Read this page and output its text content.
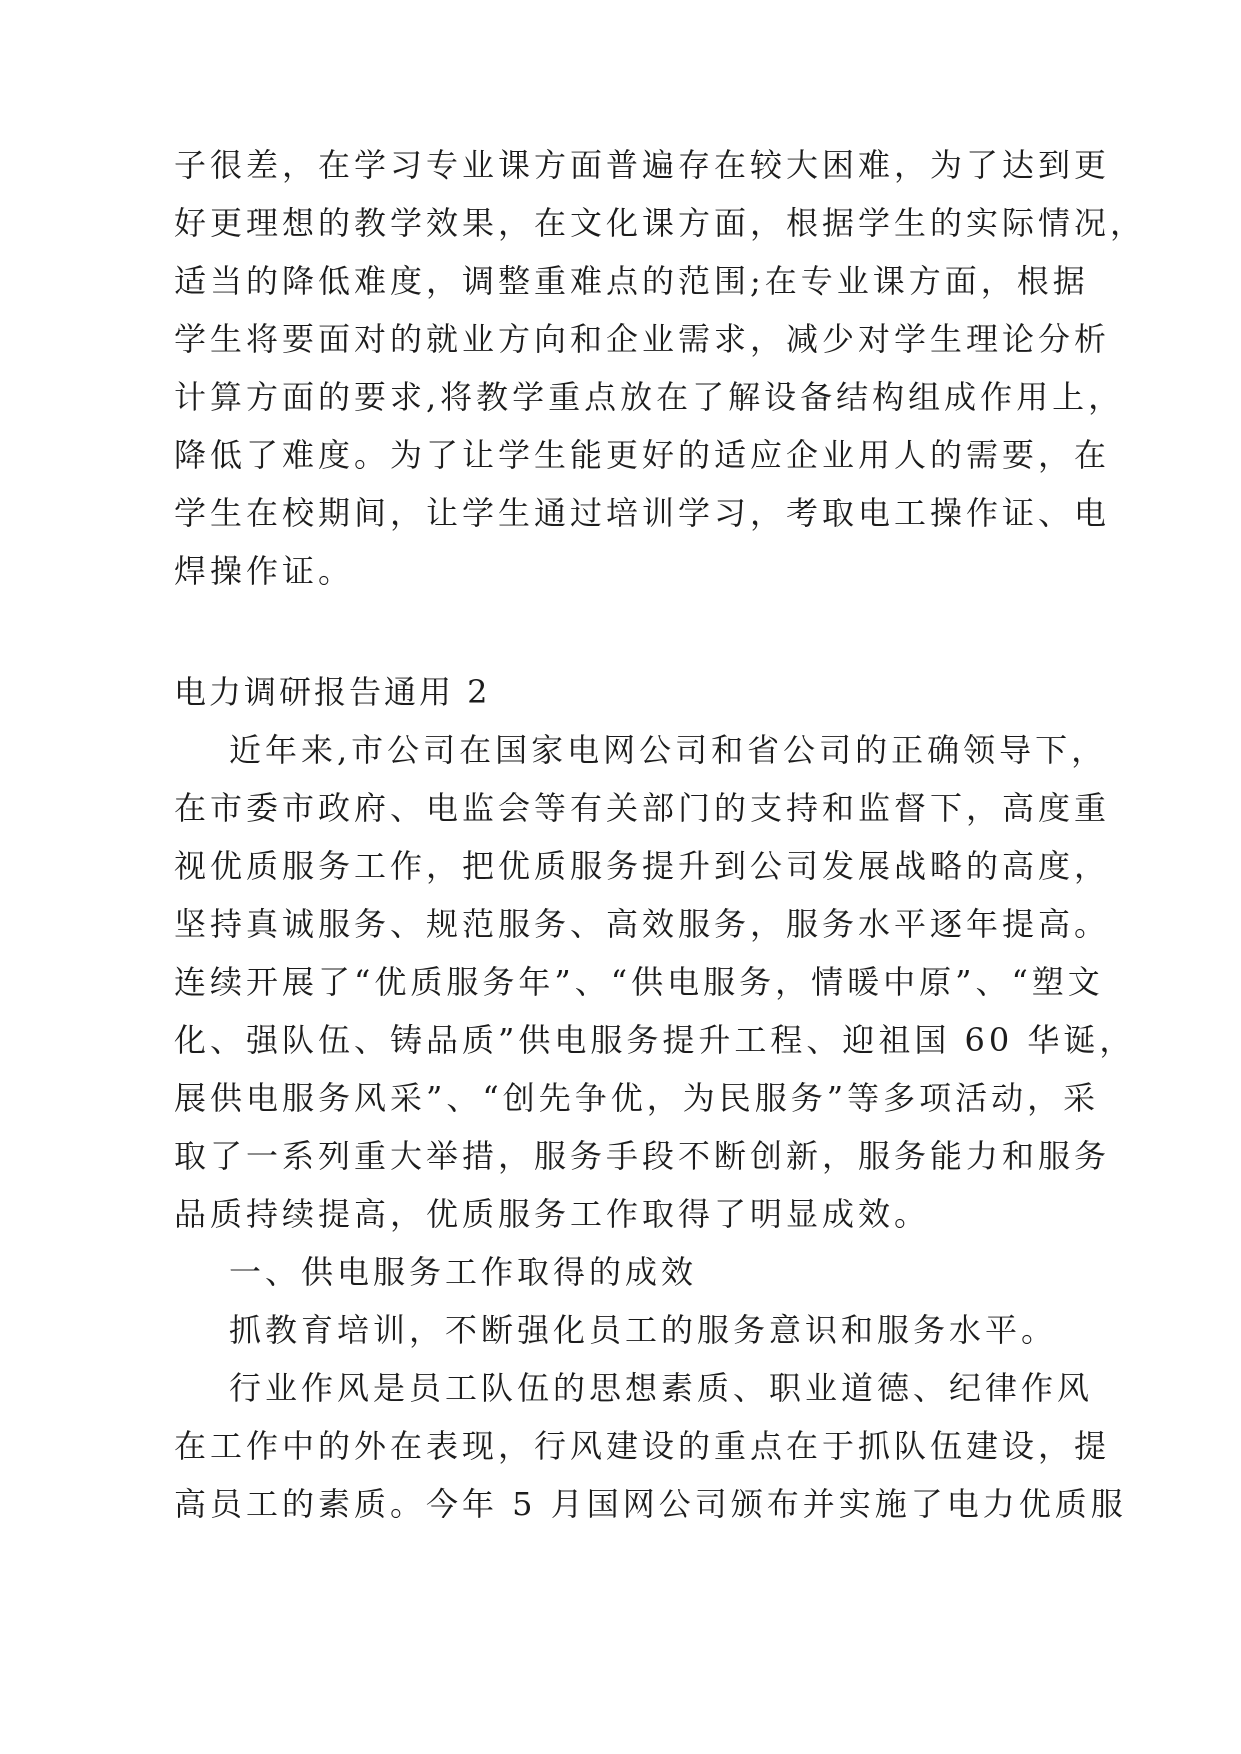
子很差，在学习专业课方面普遍存在较大困难，为了达到更
好更理想的教学效果，在文化课方面，根据学生的实际情况，
适当的降低难度，调整重难点的范围;在专业课方面，根据
学生将要面对的就业方向和企业需求，减少对学生理论分析
计算方面的要求,将教学重点放在了解设备结构组成作用上，
降低了难度。为了让学生能更好的适应企业用人的需要，在
学生在校期间，让学生通过培训学习，考取电工操作证、电
焊操作证。
电力调研报告通用 2
近年来,市公司在国家电网公司和省公司的正确领导下，
在市委市政府、电监会等有关部门的支持和监督下，高度重
视优质服务工作，把优质服务提升到公司发展战略的高度，
坚持真诚服务、规范服务、高效服务，服务水平逐年提高。
连续开展了“优质服务年”、“供电服务，情暖中原”、“塑文
化、强队伍、铸品质”供电服务提升工程、迎祖国 60 华诞，
展供电服务风采”、“创先争优，为民服务”等多项活动，采
取了一系列重大举措，服务手段不断创新，服务能力和服务
品质持续提高，优质服务工作取得了明显成效。
一、供电服务工作取得的成效
抓教育培训，不断强化员工的服务意识和服务水平。
行业作风是员工队伍的思想素质、职业道德、纪律作风
在工作中的外在表现，行风建设的重点在于抓队伍建设，提
高员工的素质。今年 5 月国网公司颁布并实施了电力优质服
